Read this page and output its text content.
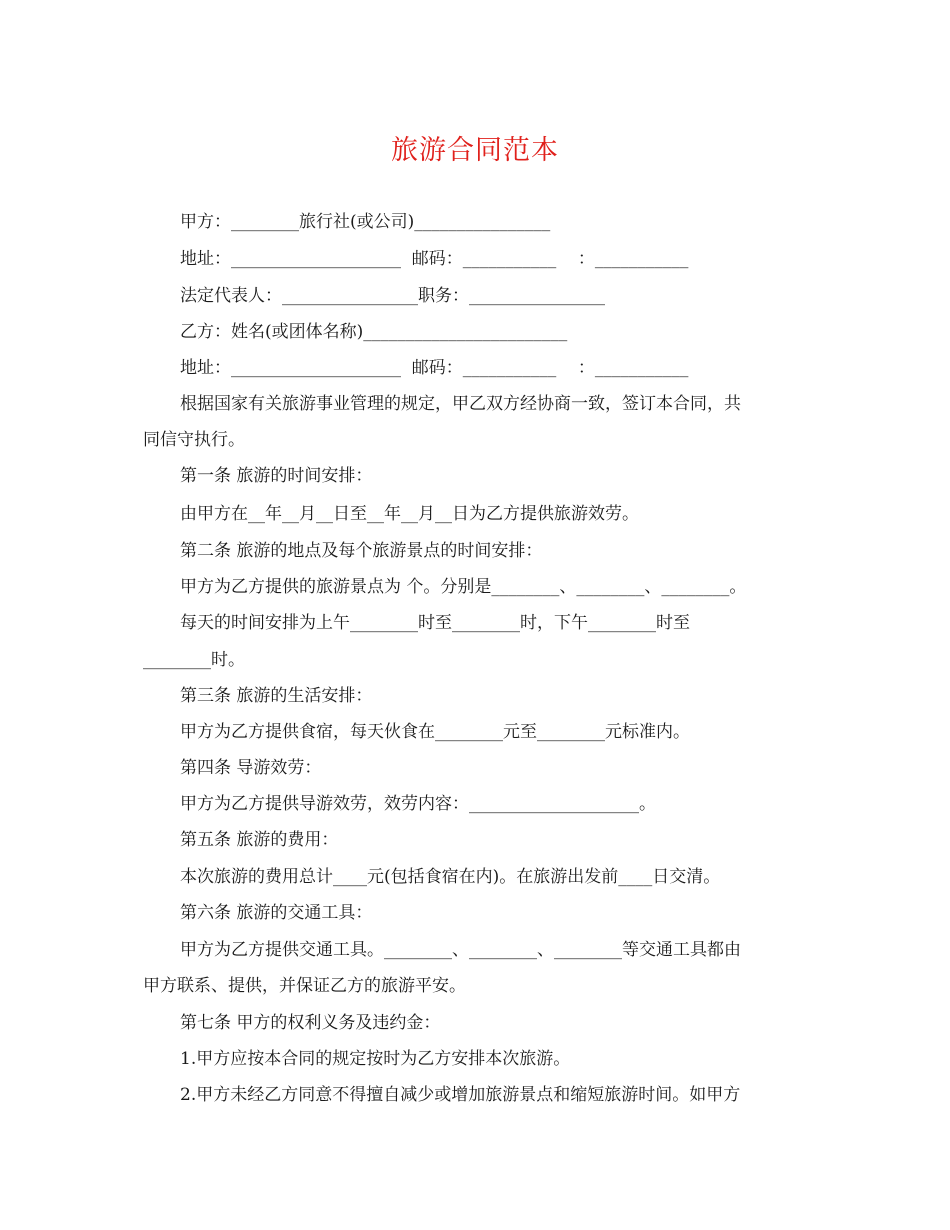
旅游合同范本
甲方：________旅行社(或公司)________________
地址：____________________  邮码：___________    ：___________
法定代表人：________________职务：________________
乙方：姓名(或团体名称)________________________
地址：____________________  邮码：___________    ：___________
根据国家有关旅游事业管理的规定，甲乙双方经协商一致，签订本合同，共
同信守执行。
第一条 旅游的时间安排：
由甲方在__年__月__日至__年__月__日为乙方提供旅游效劳。
第二条 旅游的地点及每个旅游景点的时间安排：
甲方为乙方提供的旅游景点为 个。分别是________、________、________。
每天的时间安排为上午________时至________时，下午________时至
________时。
第三条 旅游的生活安排：
甲方为乙方提供食宿，每天伙食在________元至________元标准内。
第四条 导游效劳：
甲方为乙方提供导游效劳，效劳内容：____________________。
第五条 旅游的费用：
本次旅游的费用总计____元(包括食宿在内)。在旅游出发前____日交清。
第六条 旅游的交通工具：
甲方为乙方提供交通工具。________、________、________等交通工具都由
甲方联系、提供，并保证乙方的旅游平安。
第七条 甲方的权利义务及违约金：
1.甲方应按本合同的规定按时为乙方安排本次旅游。
2.甲方未经乙方同意不得擅自减少或增加旅游景点和缩短旅游时间。如甲方
